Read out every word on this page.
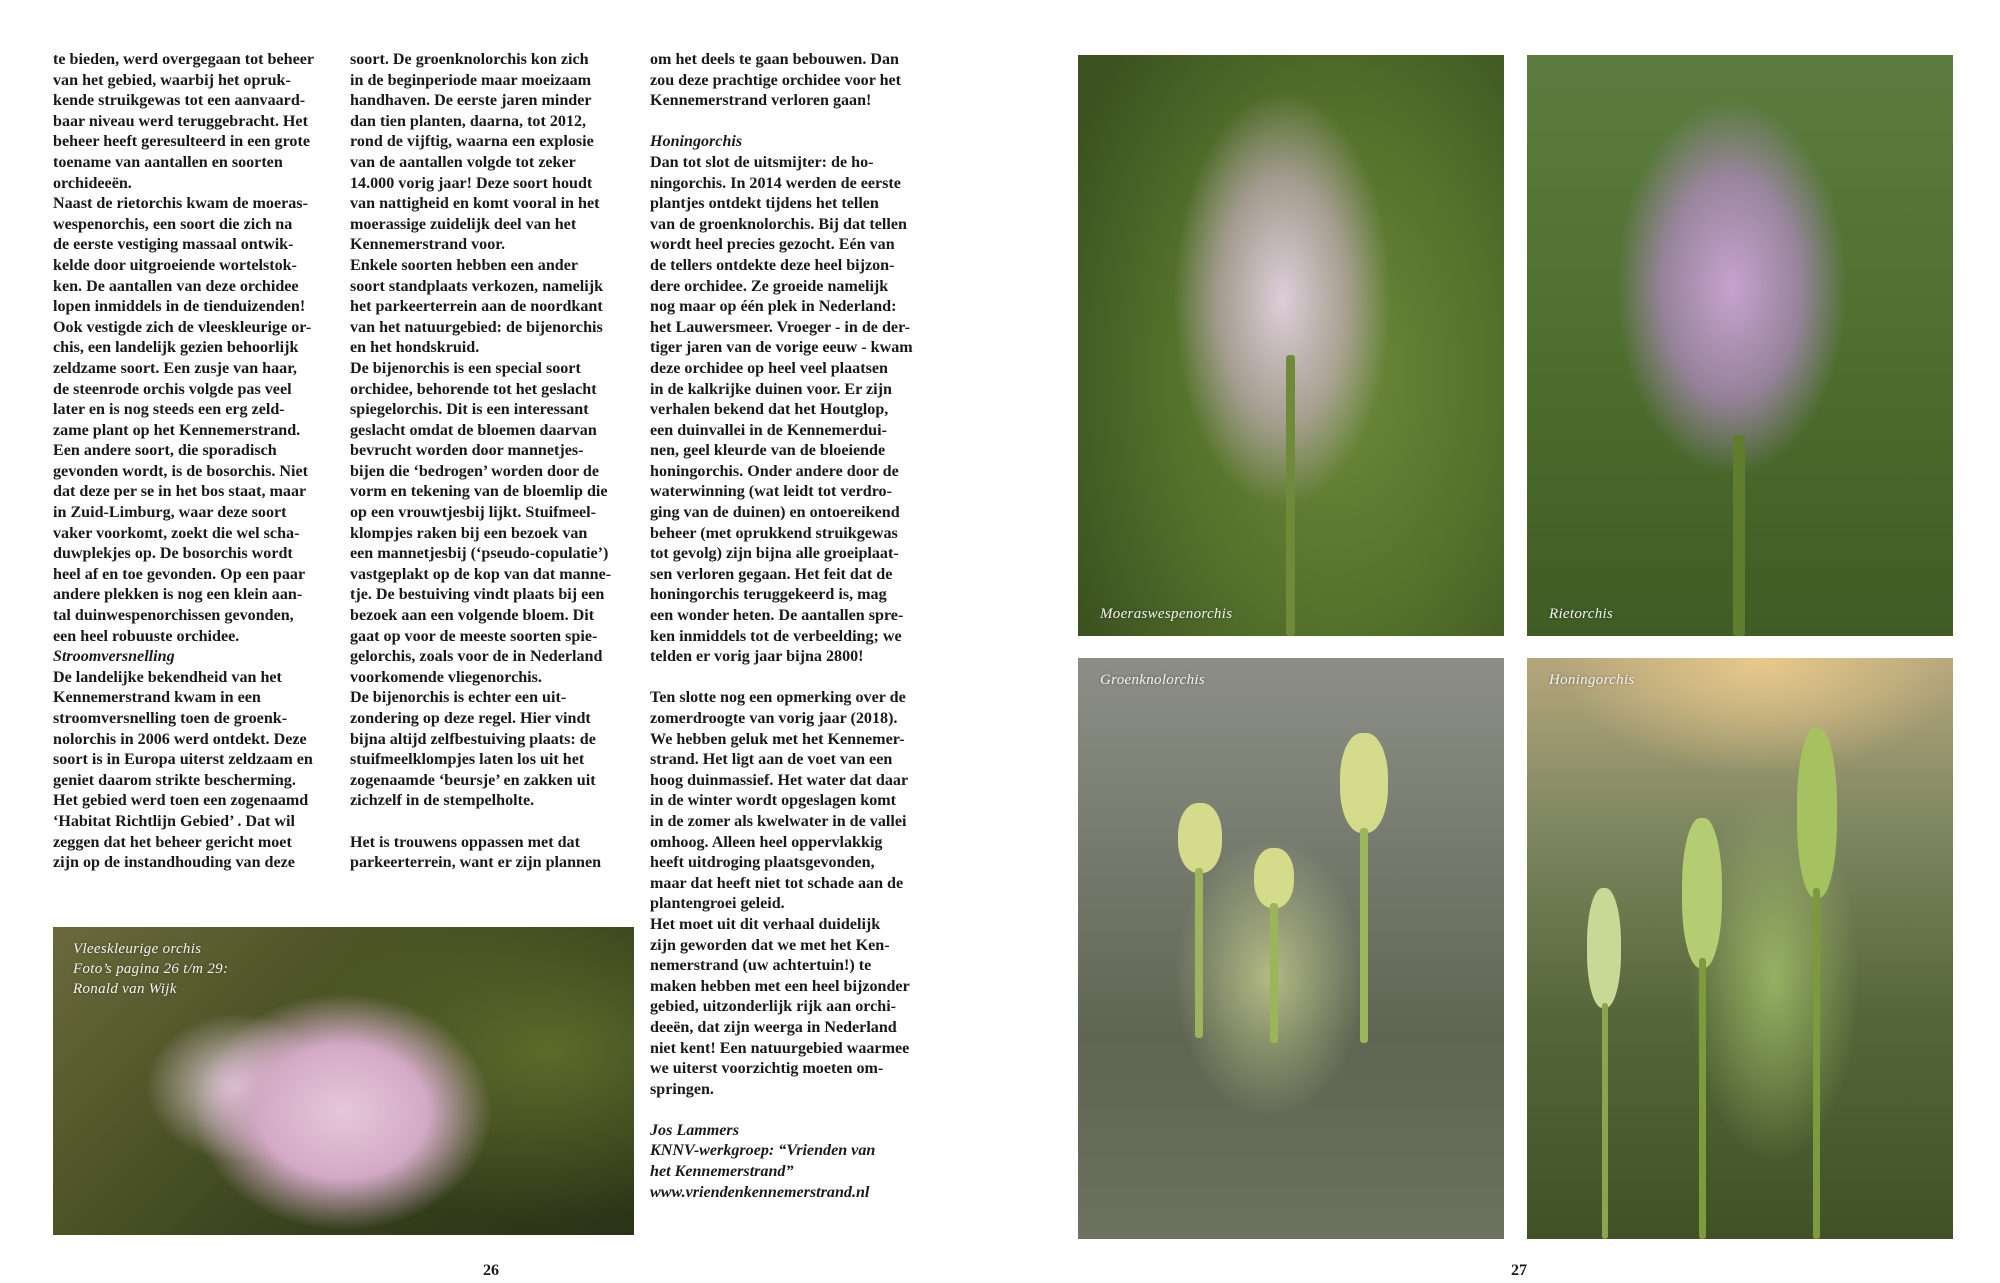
te bieden, werd overgegaan tot beheer
van het gebied, waarbij het opruk-
kende struikgewas tot een aanvaard-
baar niveau werd teruggebracht. Het
beheer heeft geresulteerd in een grote
toename van aantallen en soorten
orchideeën.
Naast de rietorchis kwam de moeras-
wespenorchis, een soort die zich na
de eerste vestiging massaal ontwik-
kelde door uitgroeiende wortelstok-
ken. De aantallen van deze orchidee
lopen inmiddels in de tienduizenden!
Ook vestigde zich de vleeskleurige or-
chis, een landelijk gezien behoorlijk
zeldzame soort. Een zusje van haar,
de steenrode orchis volgde pas veel
later en is nog steeds een erg zeld-
zame plant op het Kennemerstrand.
Een andere soort, die sporadisch
gevonden wordt, is de bosorchis. Niet
dat deze per se in het bos staat, maar
in Zuid-Limburg, waar deze soort
vaker voorkomt, zoekt die wel scha-
duwplekjes op. De bosorchis wordt
heel af en toe gevonden. Op een paar
andere plekken is nog een klein aan-
tal duinwespenorchissen gevonden,
een heel robuuste orchidee.

Stroomversnelling

De landelijke bekendheid van het
Kennemerstrand kwam in een
stroomversnelling toen de groenk-
nolorchis in 2006 werd ontdekt. Deze
soort is in Europa uiterst zeldzaam en
geniet daarom strikte bescherming.
Het gebied werd toen een zogenaamd
‘Habitat Richtlijn Gebied’ . Dat wil
zeggen dat het beheer gericht moet
zijn op de instandhouding van deze
soort. De groenknolorchis kon zich
in de beginperiode maar moeizaam
handhaven. De eerste jaren minder
dan tien planten, daarna, tot 2012,
rond de vijftig, waarna een explosie
van de aantallen volgde tot zeker
14.000 vorig jaar! Deze soort houdt
van nattigheid en komt vooral in het
moerassige zuidelijk deel van het
Kennemerstrand voor.
Enkele soorten hebben een ander
soort standplaats verkozen, namelijk
het parkeerterrein aan de noordkant
van het natuurgebied: de bijenorchis
en het hondskruid.
De bijenorchis is een special soort
orchidee, behorende tot het geslacht
spiegelorchis. Dit is een interessant
geslacht omdat de bloemen daarvan
bevrucht worden door mannetjes-
bijen die ‘bedrogen’ worden door de
vorm en tekening van de bloemlip die
op een vrouwtjesbij lijkt. Stuifmeel-
klompjes raken bij een bezoek van
een mannetjesbij (‘pseudo-copulatie’)
vastgeplakt op de kop van dat manne-
tje. De bestuiving vindt plaats bij een
bezoek aan een volgende bloem. Dit
gaat op voor de meeste soorten spie-
gelorchis, zoals voor de in Nederland
voorkomende vliegenorchis.
De bijenorchis is echter een uit-
zondering op deze regel. Hier vindt
bijna altijd zelfbestuiving plaats: de
stuifmeelklompjes laten los uit het
zogenaamde ‘beursje’ en zakken uit
zichzelf in de stempelholte.
Het is trouwens oppassen met dat
parkeerterrein, want er zijn plannen
om het deels te gaan bebouwen. Dan
zou deze prachtige orchidee voor het
Kennemerstrand verloren gaan!

Honingorchis

Dan tot slot de uitsmijter: de ho-
ningorchis. In 2014 werden de eerste
plantjes ontdekt tijdens het tellen
van de groenknolorchis. Bij dat tellen
wordt heel precies gezocht. Eén van
de tellers ontdekte deze heel bijzon-
dere orchidee. Ze groeide namelijk
nog maar op één plek in Nederland:
het Lauwersmeer. Vroeger - in de der-
tiger jaren van de vorige eeuw - kwam
deze orchidee op heel veel plaatsen
in de kalkrijke duinen voor. Er zijn
verhalen bekend dat het Houtglop,
een duinvallei in de Kennemerdui-
nen, geel kleurde van de bloeiende
honingorchis. Onder andere door de
waterwinning (wat leidt tot verdro-
ging van de duinen) en ontoereikend
beheer (met oprukkend struikgewas
tot gevolg) zijn bijna alle groeiplaat-
sen verloren gegaan. Het feit dat de
honingorchis teruggekeerd is, mag
een wonder heten. De aantallen spre-
ken inmiddels tot de verbeelding; we
telden er vorig jaar bijna 2800!
Ten slotte nog een opmerking over de
zomerdroogte van vorig jaar (2018).
We hebben geluk met het Kennemer-
strand. Het ligt aan de voet van een
hoog duinmassief. Het water dat daar
in de winter wordt opgeslagen komt
in de zomer als kwelwater in de vallei
omhoog. Alleen heel oppervlakkig
heeft uitdroging plaatsgevonden,
maar dat heeft niet tot schade aan de
plantengroei geleid.
Het moet uit dit verhaal duidelijk
zijn geworden dat we met het Ken-
nemerstrand (uw achtertuin!) te
maken hebben met een heel bijzonder
gebied, uitzonderlijk rijk aan orchi-
deeën, dat zijn weerga in Nederland
niet kent! Een natuurgebied waarmee
we uiterst voorzichtig moeten om-
springen.
Jos Lammers
KNNV-werkgroep: “Vrienden van
het Kennemerstrand”
www.vriendenkennemerstrand.nl
Vleeskleurige orchis
Foto’s pagina 26 t/m 29:
Ronald van Wijk
26
Moeraswespenorchis	Rietorchis
Groenknolorchis	Honingorchis
27
